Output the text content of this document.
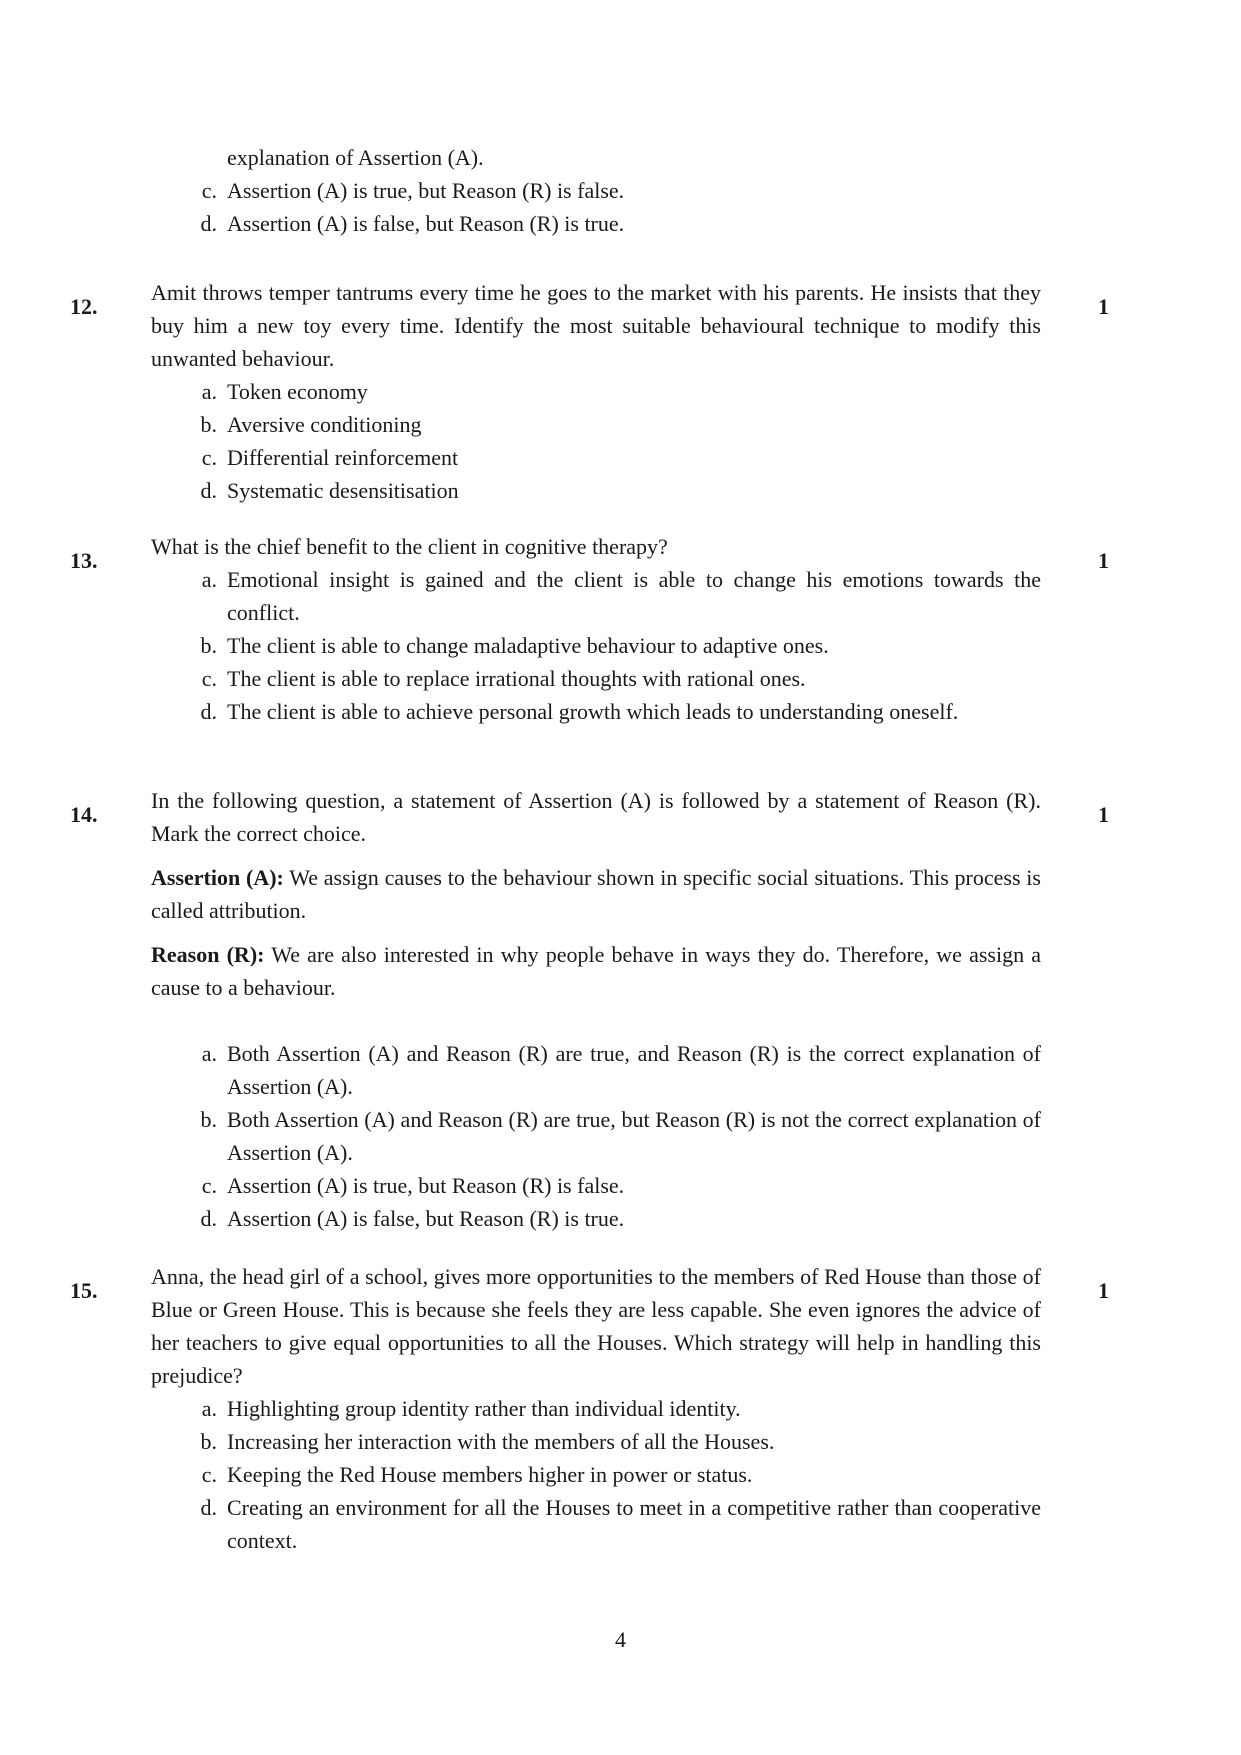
explanation of Assertion (A).
c. Assertion (A) is true, but Reason (R) is false.
d. Assertion (A) is false, but Reason (R) is true.
12.	1

Amit throws temper tantrums every time he goes to the market with his parents. He insists that they buy him a new toy every time. Identify the most suitable behavioural technique to modify this unwanted behaviour.

a. Token economy
b. Aversive conditioning
c. Differential reinforcement
d. Systematic desensitisation
13.	1

What is the chief benefit to the client in cognitive therapy?

a. Emotional insight is gained and the client is able to change his emotions towards the conflict.
b. The client is able to change maladaptive behaviour to adaptive ones.
c. The client is able to replace irrational thoughts with rational ones.
d. The client is able to achieve personal growth which leads to understanding oneself.
14.	1

In the following question, a statement of Assertion (A) is followed by a statement of Reason (R). Mark the correct choice.

Assertion (A): We assign causes to the behaviour shown in specific social situations. This process is called attribution.

Reason (R): We are also interested in why people behave in ways they do. Therefore, we assign a cause to a behaviour.

a. Both Assertion (A) and Reason (R) are true, and Reason (R) is the correct explanation of Assertion (A).
b. Both Assertion (A) and Reason (R) are true, but Reason (R) is not the correct explanation of Assertion (A).
c. Assertion (A) is true, but Reason (R) is false.
d. Assertion (A) is false, but Reason (R) is true.
15.	1

Anna, the head girl of a school, gives more opportunities to the members of Red House than those of Blue or Green House. This is because she feels they are less capable. She even ignores the advice of her teachers to give equal opportunities to all the Houses. Which strategy will help in handling this prejudice?

a. Highlighting group identity rather than individual identity.
b. Increasing her interaction with the members of all the Houses.
c. Keeping the Red House members higher in power or status.
d. Creating an environment for all the Houses to meet in a competitive rather than cooperative context.
4
